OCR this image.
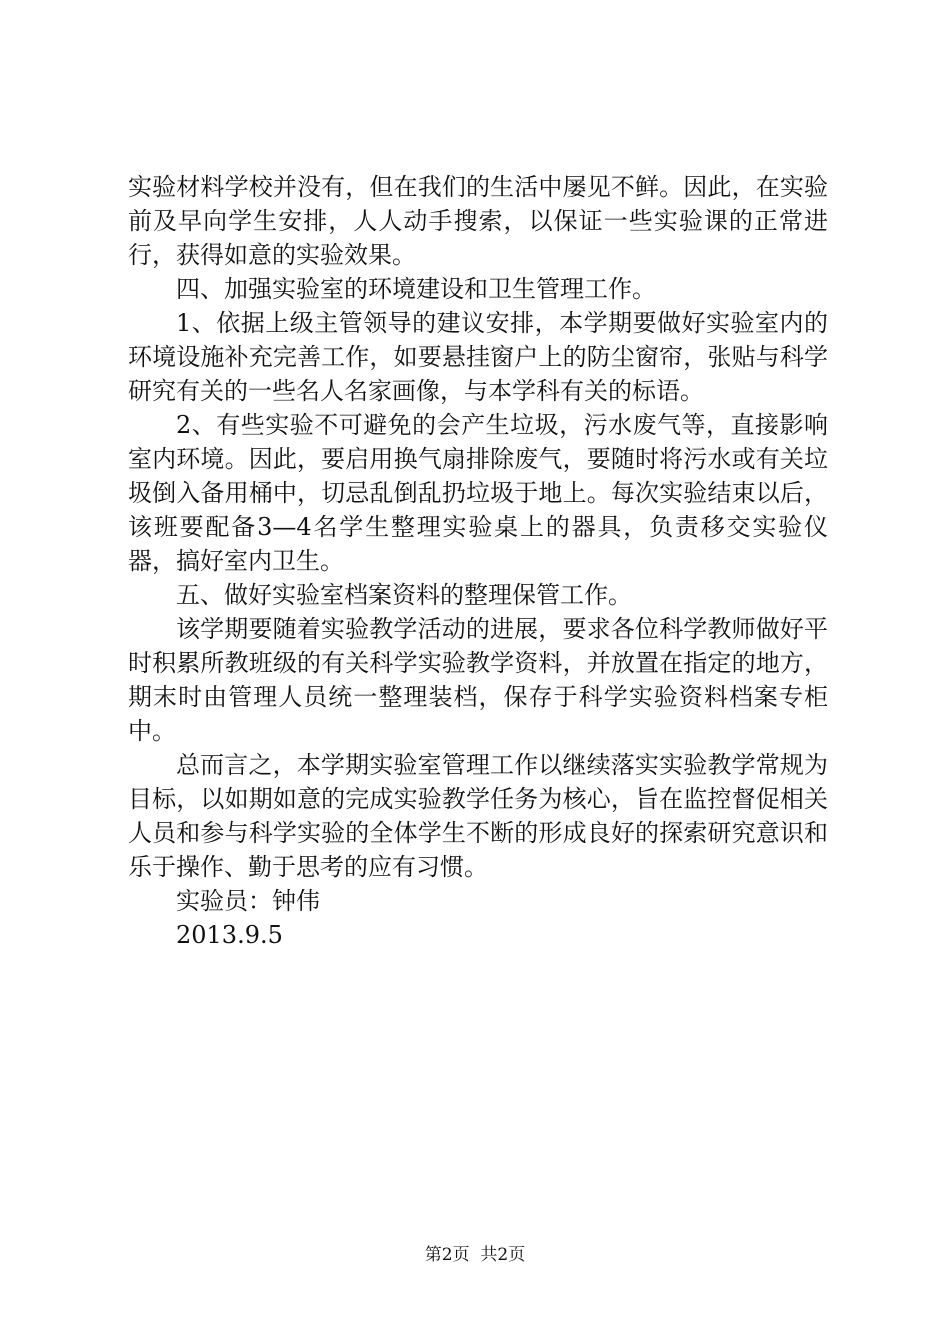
实验材料学校并没有，但在我们的生活中屡见不鲜。因此，在实验前及早向学生安排，人人动手搜索，以保证一些实验课的正常进行，获得如意的实验效果。

四、加强实验室的环境建设和卫生管理工作。

1、依据上级主管领导的建议安排，本学期要做好实验室内的环境设施补充完善工作，如要悬挂窗户上的防尘窗帘，张贴与科学研究有关的一些名人名家画像，与本学科有关的标语。

2、有些实验不可避免的会产生垃圾，污水废气等，直接影响室内环境。因此，要启用换气扇排除废气，要随时将污水或有关垃圾倒入备用桶中，切忌乱倒乱扔垃圾于地上。每次实验结束以后，该班要配备3—4名学生整理实验桌上的器具，负责移交实验仪器，搞好室内卫生。

五、做好实验室档案资料的整理保管工作。

该学期要随着实验教学活动的进展，要求各位科学教师做好平时积累所教班级的有关科学实验教学资料，并放置在指定的地方，期末时由管理人员统一整理装档，保存于科学实验资料档案专柜中。

总而言之，本学期实验室管理工作以继续落实实验教学常规为目标，以如期如意的完成实验教学任务为核心，旨在监控督促相关人员和参与科学实验的全体学生不断的形成良好的探索研究意识和乐于操作、勤于思考的应有习惯。

实验员：钟伟

2013.9.5

第2页  共2页
